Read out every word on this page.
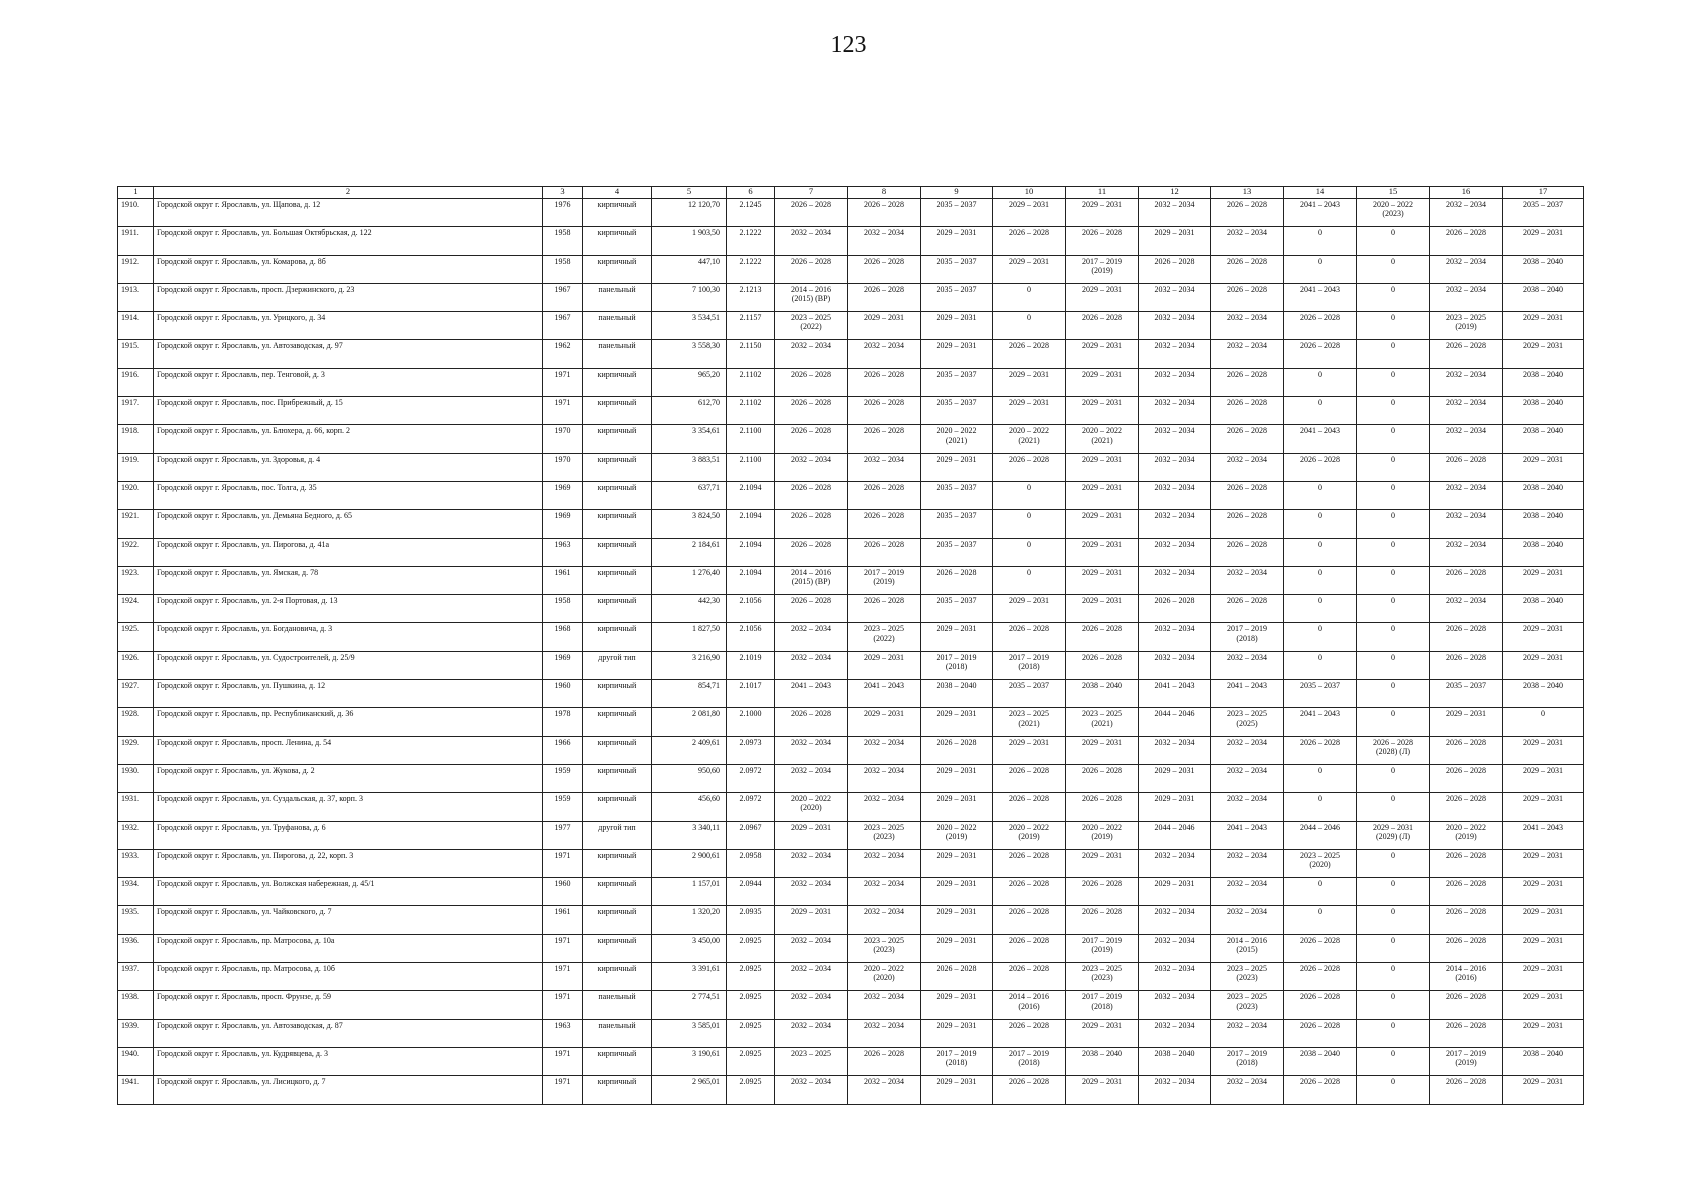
123
1	2	3	4	5	6	7	8	9	10	11	12	13	14	15	16	17
1910.	Городской округ г. Ярославль, ул. Щапова, д. 12	1976	кирпичный	12 120,70	2.1245	2026 – 2028	2026 – 2028	2035 – 2037	2029 – 2031	2029 – 2031	2032 – 2034	2026 – 2028	2041 – 2043	2020 – 2022
(2023)	2032 – 2034	2035 – 2037
1911.	Городской округ г. Ярославль, ул. Большая Октябрьская, д. 122	1958	кирпичный	1 903,50	2.1222	2032 – 2034	2032 – 2034	2029 – 2031	2026 – 2028	2026 – 2028	2029 – 2031	2032 – 2034	0	0	2026 – 2028	2029 – 2031
1912.	Городской округ г. Ярославль, ул. Комарова, д. 8б	1958	кирпичный	447,10	2.1222	2026 – 2028	2026 – 2028	2035 – 2037	2029 – 2031	2017 – 2019
(2019)	2026 – 2028	2026 – 2028	0	0	2032 – 2034	2038 – 2040
1913.	Городской округ г. Ярославль, просп. Дзержинского, д. 23	1967	панельный	7 100,30	2.1213	2014 – 2016
(2015) (ВР)	2026 – 2028	2035 – 2037	0	2029 – 2031	2032 – 2034	2026 – 2028	2041 – 2043	0	2032 – 2034	2038 – 2040
1914.	Городской округ г. Ярославль, ул. Урицкого, д. 34	1967	панельный	3 534,51	2.1157	2023 – 2025
(2022)	2029 – 2031	2029 – 2031	0	2026 – 2028	2032 – 2034	2032 – 2034	2026 – 2028	0	2023 – 2025
(2019)	2029 – 2031
1915.	Городской округ г. Ярославль, ул. Автозаводская, д. 97	1962	панельный	3 558,30	2.1150	2032 – 2034	2032 – 2034	2029 – 2031	2026 – 2028	2029 – 2031	2032 – 2034	2032 – 2034	2026 – 2028	0	2026 – 2028	2029 – 2031
1916.	Городской округ г. Ярославль, пер. Тенговой, д. 3	1971	кирпичный	965,20	2.1102	2026 – 2028	2026 – 2028	2035 – 2037	2029 – 2031	2029 – 2031	2032 – 2034	2026 – 2028	0	0	2032 – 2034	2038 – 2040
1917.	Городской округ г. Ярославль, пос. Прибрежный, д. 15	1971	кирпичный	612,70	2.1102	2026 – 2028	2026 – 2028	2035 – 2037	2029 – 2031	2029 – 2031	2032 – 2034	2026 – 2028	0	0	2032 – 2034	2038 – 2040
1918.	Городской округ г. Ярославль, ул. Блюхера, д. 66, корп. 2	1970	кирпичный	3 354,61	2.1100	2026 – 2028	2026 – 2028	2020 – 2022
(2021)	2020 – 2022
(2021)	2020 – 2022
(2021)	2032 – 2034	2026 – 2028	2041 – 2043	0	2032 – 2034	2038 – 2040
1919.	Городской округ г. Ярославль, ул. Здоровья, д. 4	1970	кирпичный	3 883,51	2.1100	2032 – 2034	2032 – 2034	2029 – 2031	2026 – 2028	2029 – 2031	2032 – 2034	2032 – 2034	2026 – 2028	0	2026 – 2028	2029 – 2031
1920.	Городской округ г. Ярославль, пос. Толга, д. 35	1969	кирпичный	637,71	2.1094	2026 – 2028	2026 – 2028	2035 – 2037	0	2029 – 2031	2032 – 2034	2026 – 2028	0	0	2032 – 2034	2038 – 2040
1921.	Городской округ г. Ярославль, ул. Демьяна Бедного, д. 65	1969	кирпичный	3 824,50	2.1094	2026 – 2028	2026 – 2028	2035 – 2037	0	2029 – 2031	2032 – 2034	2026 – 2028	0	0	2032 – 2034	2038 – 2040
1922.	Городской округ г. Ярославль, ул. Пирогова, д. 41а	1963	кирпичный	2 184,61	2.1094	2026 – 2028	2026 – 2028	2035 – 2037	0	2029 – 2031	2032 – 2034	2026 – 2028	0	0	2032 – 2034	2038 – 2040
1923.	Городской округ г. Ярославль, ул. Ямская, д. 78	1961	кирпичный	1 276,40	2.1094	2014 – 2016
(2015) (ВР)	2017 – 2019
(2019)	2026 – 2028	0	2029 – 2031	2032 – 2034	2032 – 2034	0	0	2026 – 2028	2029 – 2031
1924.	Городской округ г. Ярославль, ул. 2-я Портовая, д. 13	1958	кирпичный	442,30	2.1056	2026 – 2028	2026 – 2028	2035 – 2037	2029 – 2031	2029 – 2031	2026 – 2028	2026 – 2028	0	0	2032 – 2034	2038 – 2040
1925.	Городской округ г. Ярославль, ул. Богдановича, д. 3	1968	кирпичный	1 827,50	2.1056	2032 – 2034	2023 – 2025
(2022)	2029 – 2031	2026 – 2028	2026 – 2028	2032 – 2034	2017 – 2019
(2018)	0	0	2026 – 2028	2029 – 2031
1926.	Городской округ г. Ярославль, ул. Судостроителей, д. 25/9	1969	другой тип	3 216,90	2.1019	2032 – 2034	2029 – 2031	2017 – 2019
(2018)	2017 – 2019
(2018)	2026 – 2028	2032 – 2034	2032 – 2034	0	0	2026 – 2028	2029 – 2031
1927.	Городской округ г. Ярославль, ул. Пушкина, д. 12	1960	кирпичный	854,71	2.1017	2041 – 2043	2041 – 2043	2038 – 2040	2035 – 2037	2038 – 2040	2041 – 2043	2041 – 2043	2035 – 2037	0	2035 – 2037	2038 – 2040
1928.	Городской округ г. Ярославль, пр. Республиканский, д. 36	1978	кирпичный	2 081,80	2.1000	2026 – 2028	2029 – 2031	2029 – 2031	2023 – 2025
(2021)	2023 – 2025
(2021)	2044 – 2046	2023 – 2025
(2025)	2041 – 2043	0	2029 – 2031	0
1929.	Городской округ г. Ярославль, просп. Ленина, д. 54	1966	кирпичный	2 409,61	2.0973	2032 – 2034	2032 – 2034	2026 – 2028	2029 – 2031	2029 – 2031	2032 – 2034	2032 – 2034	2026 – 2028	2026 – 2028
(2028) (Л)	2026 – 2028	2029 – 2031
1930.	Городской округ г. Ярославль, ул. Жукова, д. 2	1959	кирпичный	950,60	2.0972	2032 – 2034	2032 – 2034	2029 – 2031	2026 – 2028	2026 – 2028	2029 – 2031	2032 – 2034	0	0	2026 – 2028	2029 – 2031
1931.	Городской округ г. Ярославль, ул. Суздальская, д. 37, корп. 3	1959	кирпичный	456,60	2.0972	2020 – 2022
(2020)	2032 – 2034	2029 – 2031	2026 – 2028	2026 – 2028	2029 – 2031	2032 – 2034	0	0	2026 – 2028	2029 – 2031
1932.	Городской округ г. Ярославль, ул. Труфанова, д. 6	1977	другой тип	3 340,11	2.0967	2029 – 2031	2023 – 2025
(2023)	2020 – 2022
(2019)	2020 – 2022
(2019)	2020 – 2022
(2019)	2044 – 2046	2041 – 2043	2044 – 2046	2029 – 2031
(2029) (Л)	2020 – 2022
(2019)	2041 – 2043
1933.	Городской округ г. Ярославль, ул. Пирогова, д. 22, корп. 3	1971	кирпичный	2 900,61	2.0958	2032 – 2034	2032 – 2034	2029 – 2031	2026 – 2028	2029 – 2031	2032 – 2034	2032 – 2034	2023 – 2025
(2020)	0	2026 – 2028	2029 – 2031
1934.	Городской округ г. Ярославль, ул. Волжская набережная, д. 45/1	1960	кирпичный	1 157,01	2.0944	2032 – 2034	2032 – 2034	2029 – 2031	2026 – 2028	2026 – 2028	2029 – 2031	2032 – 2034	0	0	2026 – 2028	2029 – 2031
1935.	Городской округ г. Ярославль, ул. Чайковского, д. 7	1961	кирпичный	1 320,20	2.0935	2029 – 2031	2032 – 2034	2029 – 2031	2026 – 2028	2026 – 2028	2032 – 2034	2032 – 2034	0	0	2026 – 2028	2029 – 2031
1936.	Городской округ г. Ярославль, пр. Матросова, д. 10а	1971	кирпичный	3 450,00	2.0925	2032 – 2034	2023 – 2025
(2023)	2029 – 2031	2026 – 2028	2017 – 2019
(2019)	2032 – 2034	2014 – 2016
(2015)	2026 – 2028	0	2026 – 2028	2029 – 2031
1937.	Городской округ г. Ярославль, пр. Матросова, д. 10б	1971	кирпичный	3 391,61	2.0925	2032 – 2034	2020 – 2022
(2020)	2026 – 2028	2026 – 2028	2023 – 2025
(2023)	2032 – 2034	2023 – 2025
(2023)	2026 – 2028	0	2014 – 2016
(2016)	2029 – 2031
1938.	Городской округ г. Ярославль, просп. Фрунзе, д. 59	1971	панельный	2 774,51	2.0925	2032 – 2034	2032 – 2034	2029 – 2031	2014 – 2016
(2016)	2017 – 2019
(2018)	2032 – 2034	2023 – 2025
(2023)	2026 – 2028	0	2026 – 2028	2029 – 2031
1939.	Городской округ г. Ярославль, ул. Автозаводская, д. 87	1963	панельный	3 585,01	2.0925	2032 – 2034	2032 – 2034	2029 – 2031	2026 – 2028	2029 – 2031	2032 – 2034	2032 – 2034	2026 – 2028	0	2026 – 2028	2029 – 2031
1940.	Городской округ г. Ярославль, ул. Кудрявцева, д. 3	1971	кирпичный	3 190,61	2.0925	2023 – 2025	2026 – 2028	2017 – 2019
(2018)	2017 – 2019
(2018)	2038 – 2040	2038 – 2040	2017 – 2019
(2018)	2038 – 2040	0	2017 – 2019
(2019)	2038 – 2040
1941.	Городской округ г. Ярославль, ул. Лисицкого, д. 7	1971	кирпичный	2 965,01	2.0925	2032 – 2034	2032 – 2034	2029 – 2031	2026 – 2028	2029 – 2031	2032 – 2034	2032 – 2034	2026 – 2028	0	2026 – 2028	2029 – 2031
